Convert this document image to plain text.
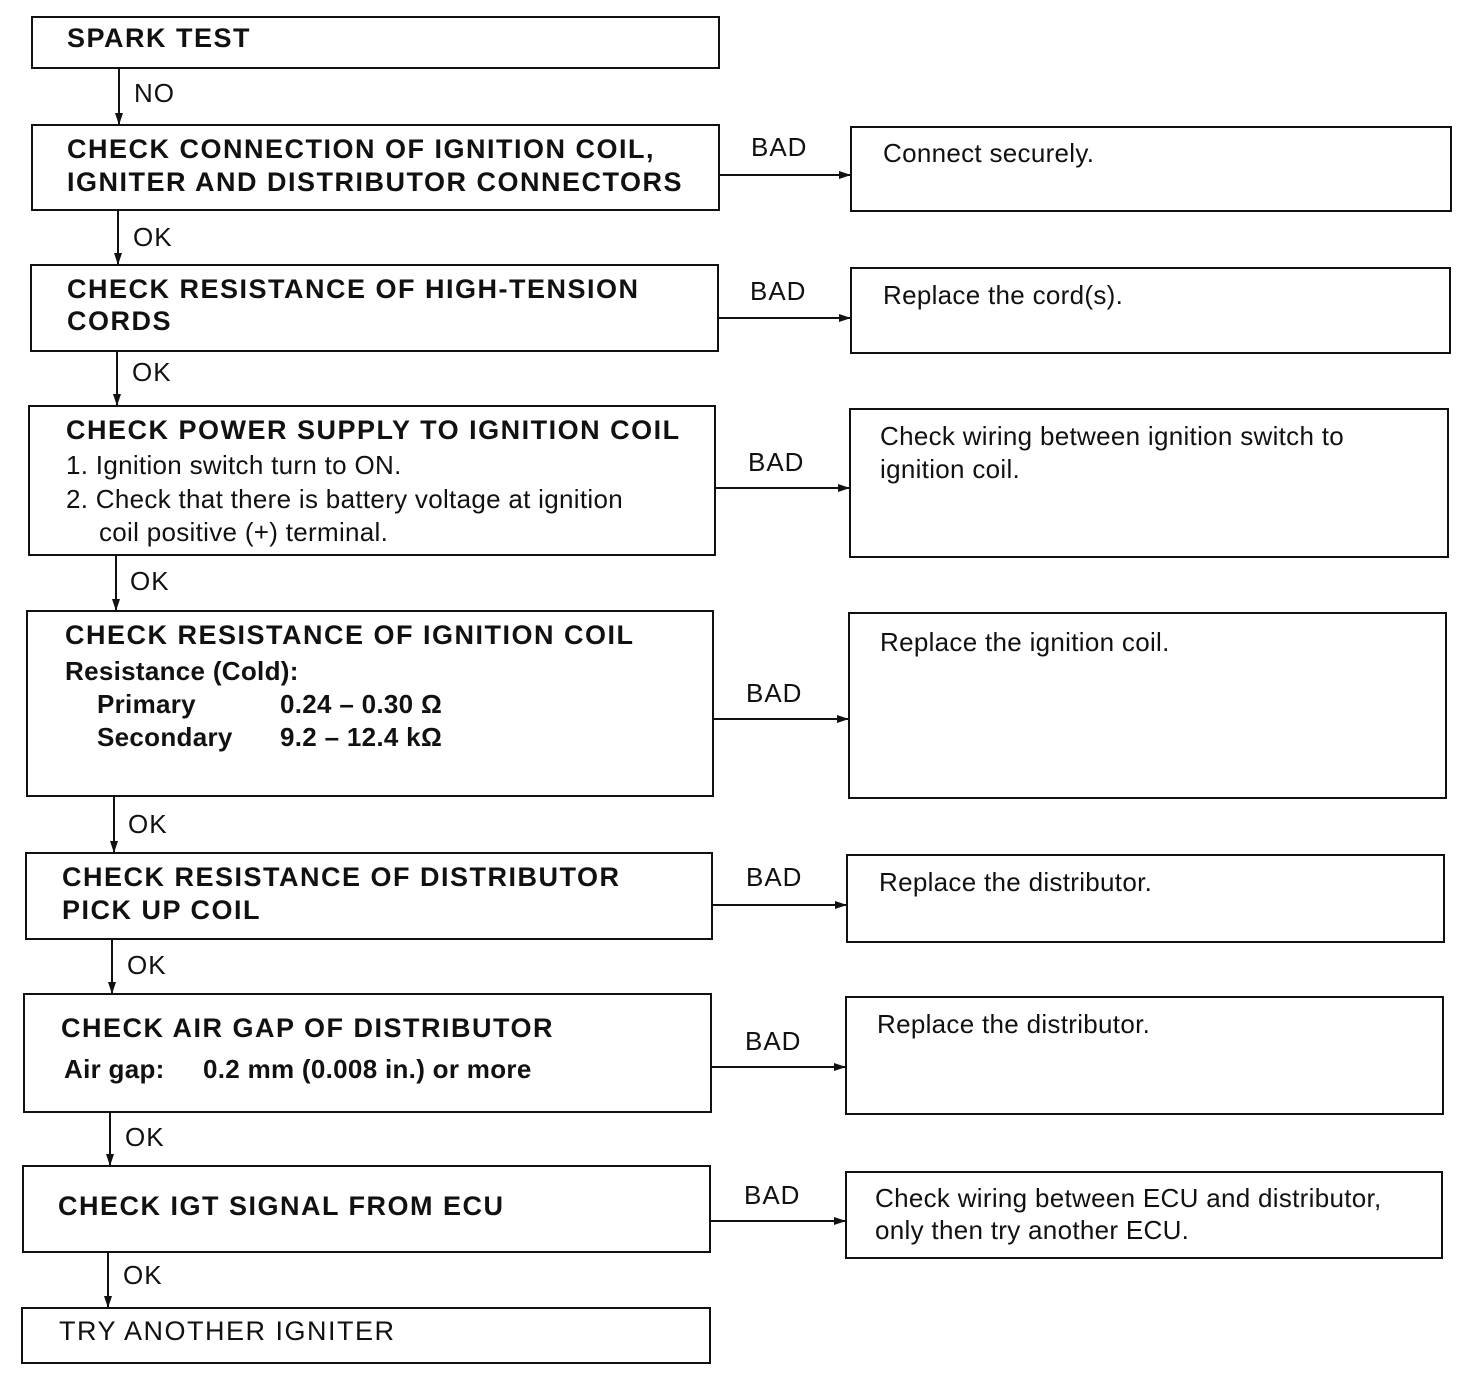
SPARK TEST
NO
CHECK CONNECTION OF IGNITION COIL,
IGNITER AND DISTRIBUTOR CONNECTORS
BAD	Connect securely.
OK
CHECK RESISTANCE OF HIGH-TENSION
CORDS
BAD	Replace the cord(s).
OK
CHECK POWER SUPPLY TO IGNITION COIL
1. Ignition switch turn to ON.
2. Check that there is battery voltage at ignition
coil positive (+) terminal.
BAD
Check wiring between ignition switch to
ignition coil.
OK
CHECK RESISTANCE OF IGNITION COIL
Resistance (Cold):
Primary	0.24 – 0.30 Ω
Secondary 9.2 – 12.4 kΩ
BAD
Replace the ignition coil.
OK
CHECK RESISTANCE OF DISTRIBUTOR
PICK UP COIL
BAD	Replace the distributor.
OK
CHECK AIR GAP OF DISTRIBUTOR
Air gap: 0.2 mm (0.008 in.) or more
BAD
Replace the distributor.
OK
CHECK IGT SIGNAL FROM ECU	BAD	Check wiring between ECU and distributor,
only then try another ECU.
OK
TRY ANOTHER IGNITER
